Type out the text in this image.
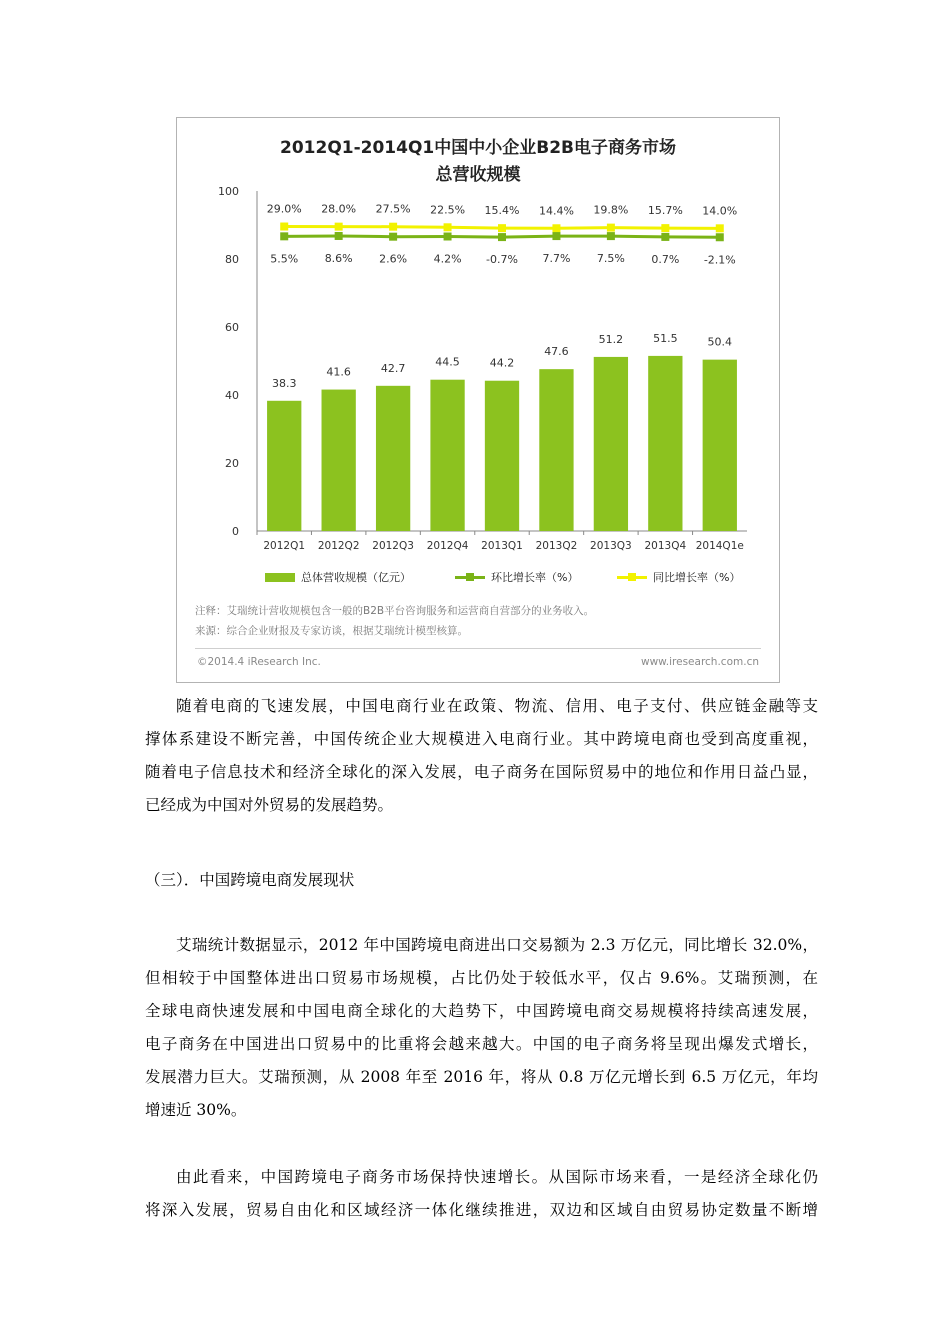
2012Q1-2014Q1中国中小企业B2B电子商务市场
总营收规模
0
20
40
60
80
100
2012Q1 2012Q2 2012Q3 2012Q4 2013Q1 2013Q2 2013Q3 2013Q4 2014Q1e
38.3
41.6	42.7	44.5	44.2
47.6
51.2	51.5	50.4
29.0% 28.0% 27.5% 22.5% 15.4% 14.4% 19.8% 15.7% 14.0%
5.5% 8.6% 2.6% 4.2% -0.7% 7.7% 7.5% 0.7% -2.1%
总体营收规模（亿元）	环比增长率（%）	同比增长率（%）
注释：艾瑞统计营收规模包含一般的B2B平台咨询服务和运营商自营部分的业务收入。
来源：综合企业财报及专家访谈，根据艾瑞统计模型核算。
©2014.4 iResearch Inc.	www.iresearch.com.cn
随着电商的飞速发展，中国电商行业在政策、物流、信用、电子支付、供应链金融等支
撑体系建设不断完善，中国传统企业大规模进入电商行业。其中跨境电商也受到高度重视，
随着电子信息技术和经济全球化的深入发展，电子商务在国际贸易中的地位和作用日益凸显，
已经成为中国对外贸易的发展趋势。
（三）．中国跨境电商发展现状
艾瑞统计数据显示，2012 年中国跨境电商进出口交易额为 2.3 万亿元，同比增长 32.0%，
但相较于中国整体进出口贸易市场规模，占比仍处于较低水平，仅占 9.6%。艾瑞预测，在
全球电商快速发展和中国电商全球化的大趋势下，中国跨境电商交易规模将持续高速发展，
电子商务在中国进出口贸易中的比重将会越来越大。中国的电子商务将呈现出爆发式增长，
发展潜力巨大。艾瑞预测，从 2008 年至 2016 年，将从 0.8 万亿元增长到 6.5 万亿元，年均
增速近 30%。
由此看来，中国跨境电子商务市场保持快速增长。从国际市场来看，一是经济全球化仍
将深入发展，贸易自由化和区域经济一体化继续推进，双边和区域自由贸易协定数量不断增
